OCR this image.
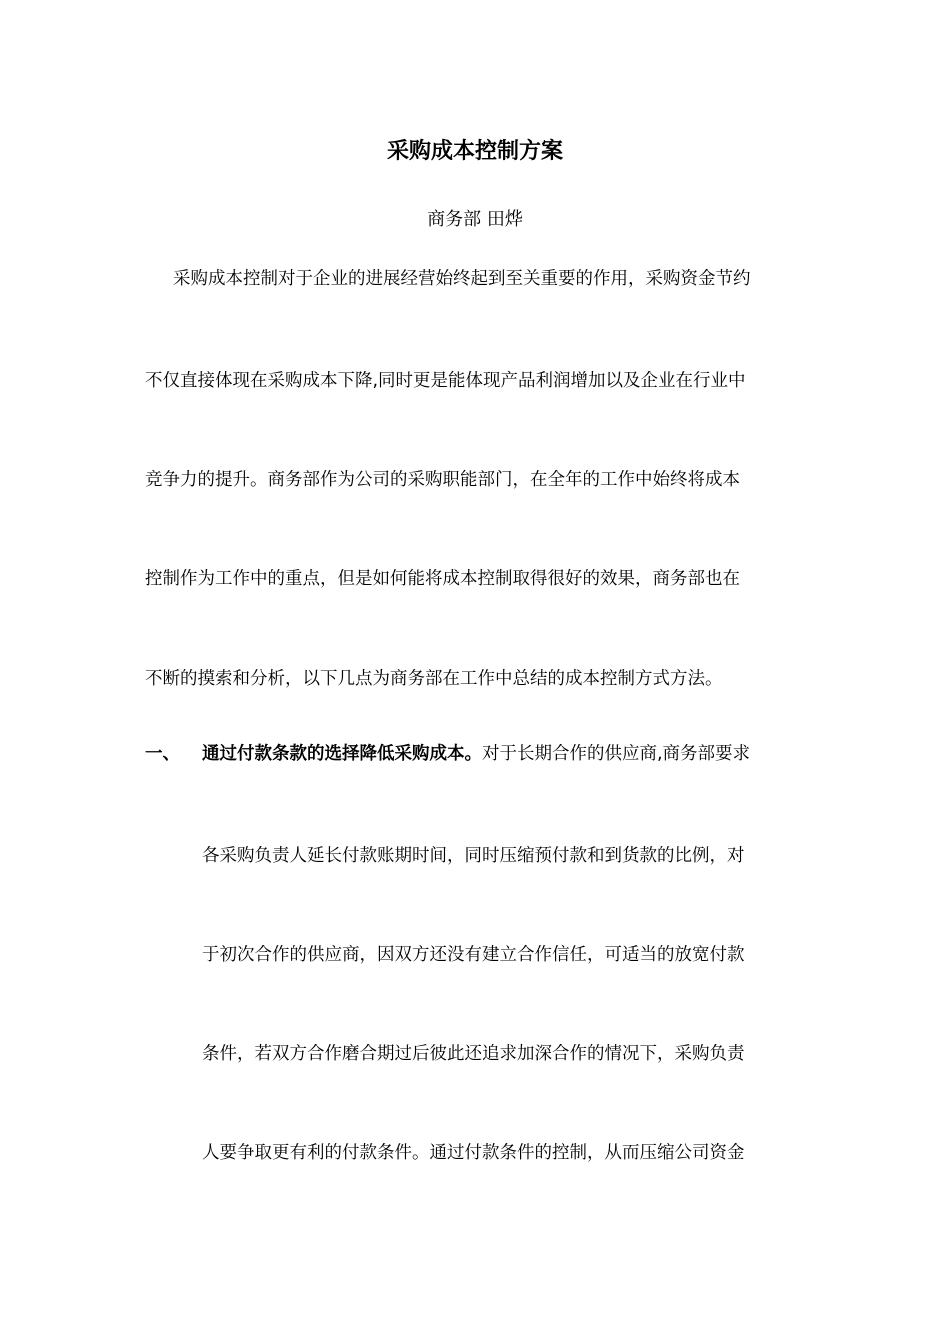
采购成本控制方案
商务部 田烨
采购成本控制对于企业的进展经营始终起到至关重要的作用，采购资金节约
不仅直接体现在采购成本下降,同时更是能体现产品利润增加以及企业在行业中
竞争力的提升。商务部作为公司的采购职能部门，在全年的工作中始终将成本
控制作为工作中的重点，但是如何能将成本控制取得很好的效果，商务部也在
不断的摸索和分析，以下几点为商务部在工作中总结的成本控制方式方法。
一、 通过付款条款的选择降低采购成本。对于长期合作的供应商,商务部要求
各采购负责人延长付款账期时间，同时压缩预付款和到货款的比例，对
于初次合作的供应商，因双方还没有建立合作信任，可适当的放宽付款
条件，若双方合作磨合期过后彼此还追求加深合作的情况下，采购负责
人要争取更有利的付款条件。通过付款条件的控制，从而压缩公司资金
